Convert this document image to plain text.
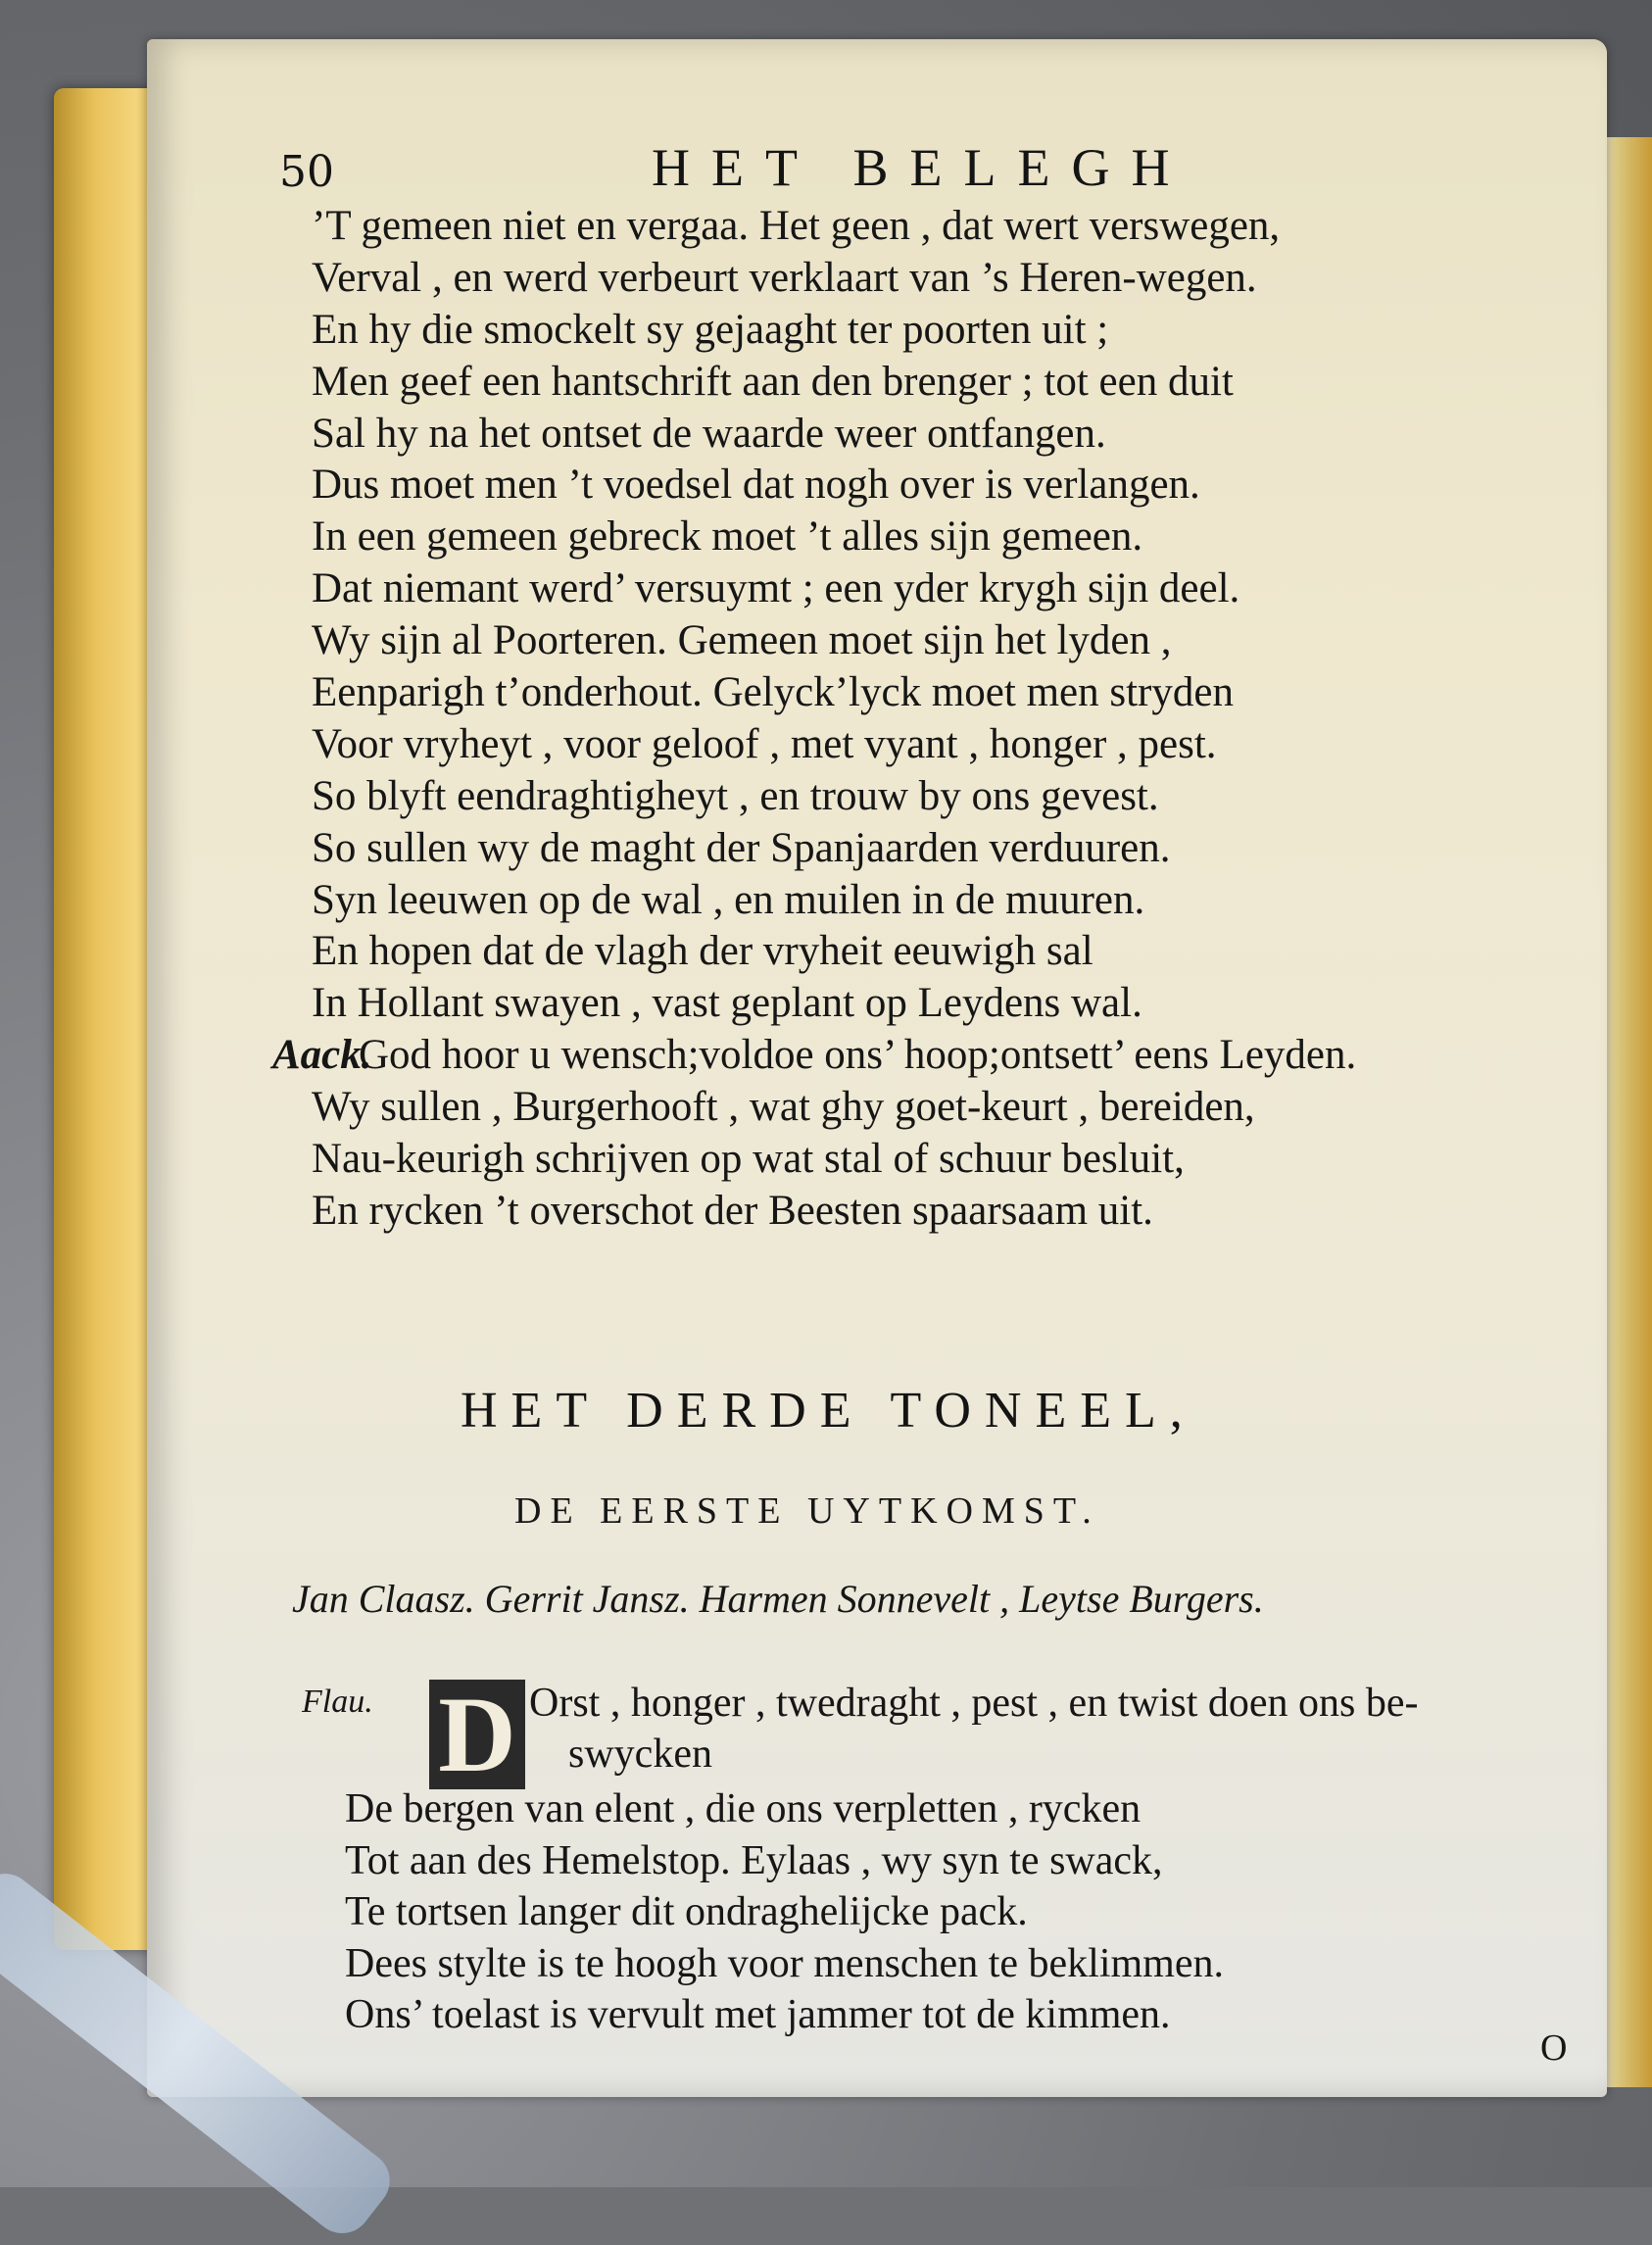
50	HET BELEGH
’T gemeen niet en vergaa. Het geen , dat wert verswegen,
Verval , en werd verbeurt verklaart van ’s Heren-wegen.
En hy die smockelt sy gejaaght ter poorten uit ;
Men geef een hantschrift aan den brenger ; tot een duit
Sal hy na het ontset de waarde weer ontfangen.
Dus moet men ’t voedsel dat nogh over is verlangen.
In een gemeen gebreck moet ’t alles sijn gemeen.
Dat niemant werd’ versuymt ; een yder krygh sijn deel.
Wy sijn al Poorteren. Gemeen moet sijn het lyden ,
Eenparigh t’onderhout. Gelyck’lyck moet men stryden
Voor vryheyt , voor geloof , met vyant , honger , pest.
So blyft eendraghtigheyt , en trouw by ons gevest.
So sullen wy de maght der Spanjaarden verduuren.
Syn leeuwen op de wal , en muilen in de muuren.
En hopen dat de vlagh der vryheit eeuwigh sal
In Hollant swayen , vast geplant op Leydens wal.
Aack.
God hoor u wensch;voldoe ons’ hoop;ontsett’ eens Leyden.
Wy sullen , Burgerhooft , wat ghy goet-keurt , bereiden,
Nau-keurigh schrijven op wat stal of schuur besluit,
En rycken ’t overschot der Beesten spaarsaam uit.
HET DERDE TONEEL,
DE EERSTE UYTKOMST.
Jan Claasz. Gerrit Jansz. Harmen Sonnevelt , Leytse Burgers.
Flau. D Orst , honger , twedraght , pest , en twist doen ons be-
swycken
De bergen van elent , die ons verpletten , rycken
Tot aan des Hemelstop. Eylaas , wy syn te swack,
Te tortsen langer dit ondraghelijcke pack.
Dees stylte is te hoogh voor menschen te beklimmen.
Ons’ toelast is vervult met jammer tot de kimmen.
O
